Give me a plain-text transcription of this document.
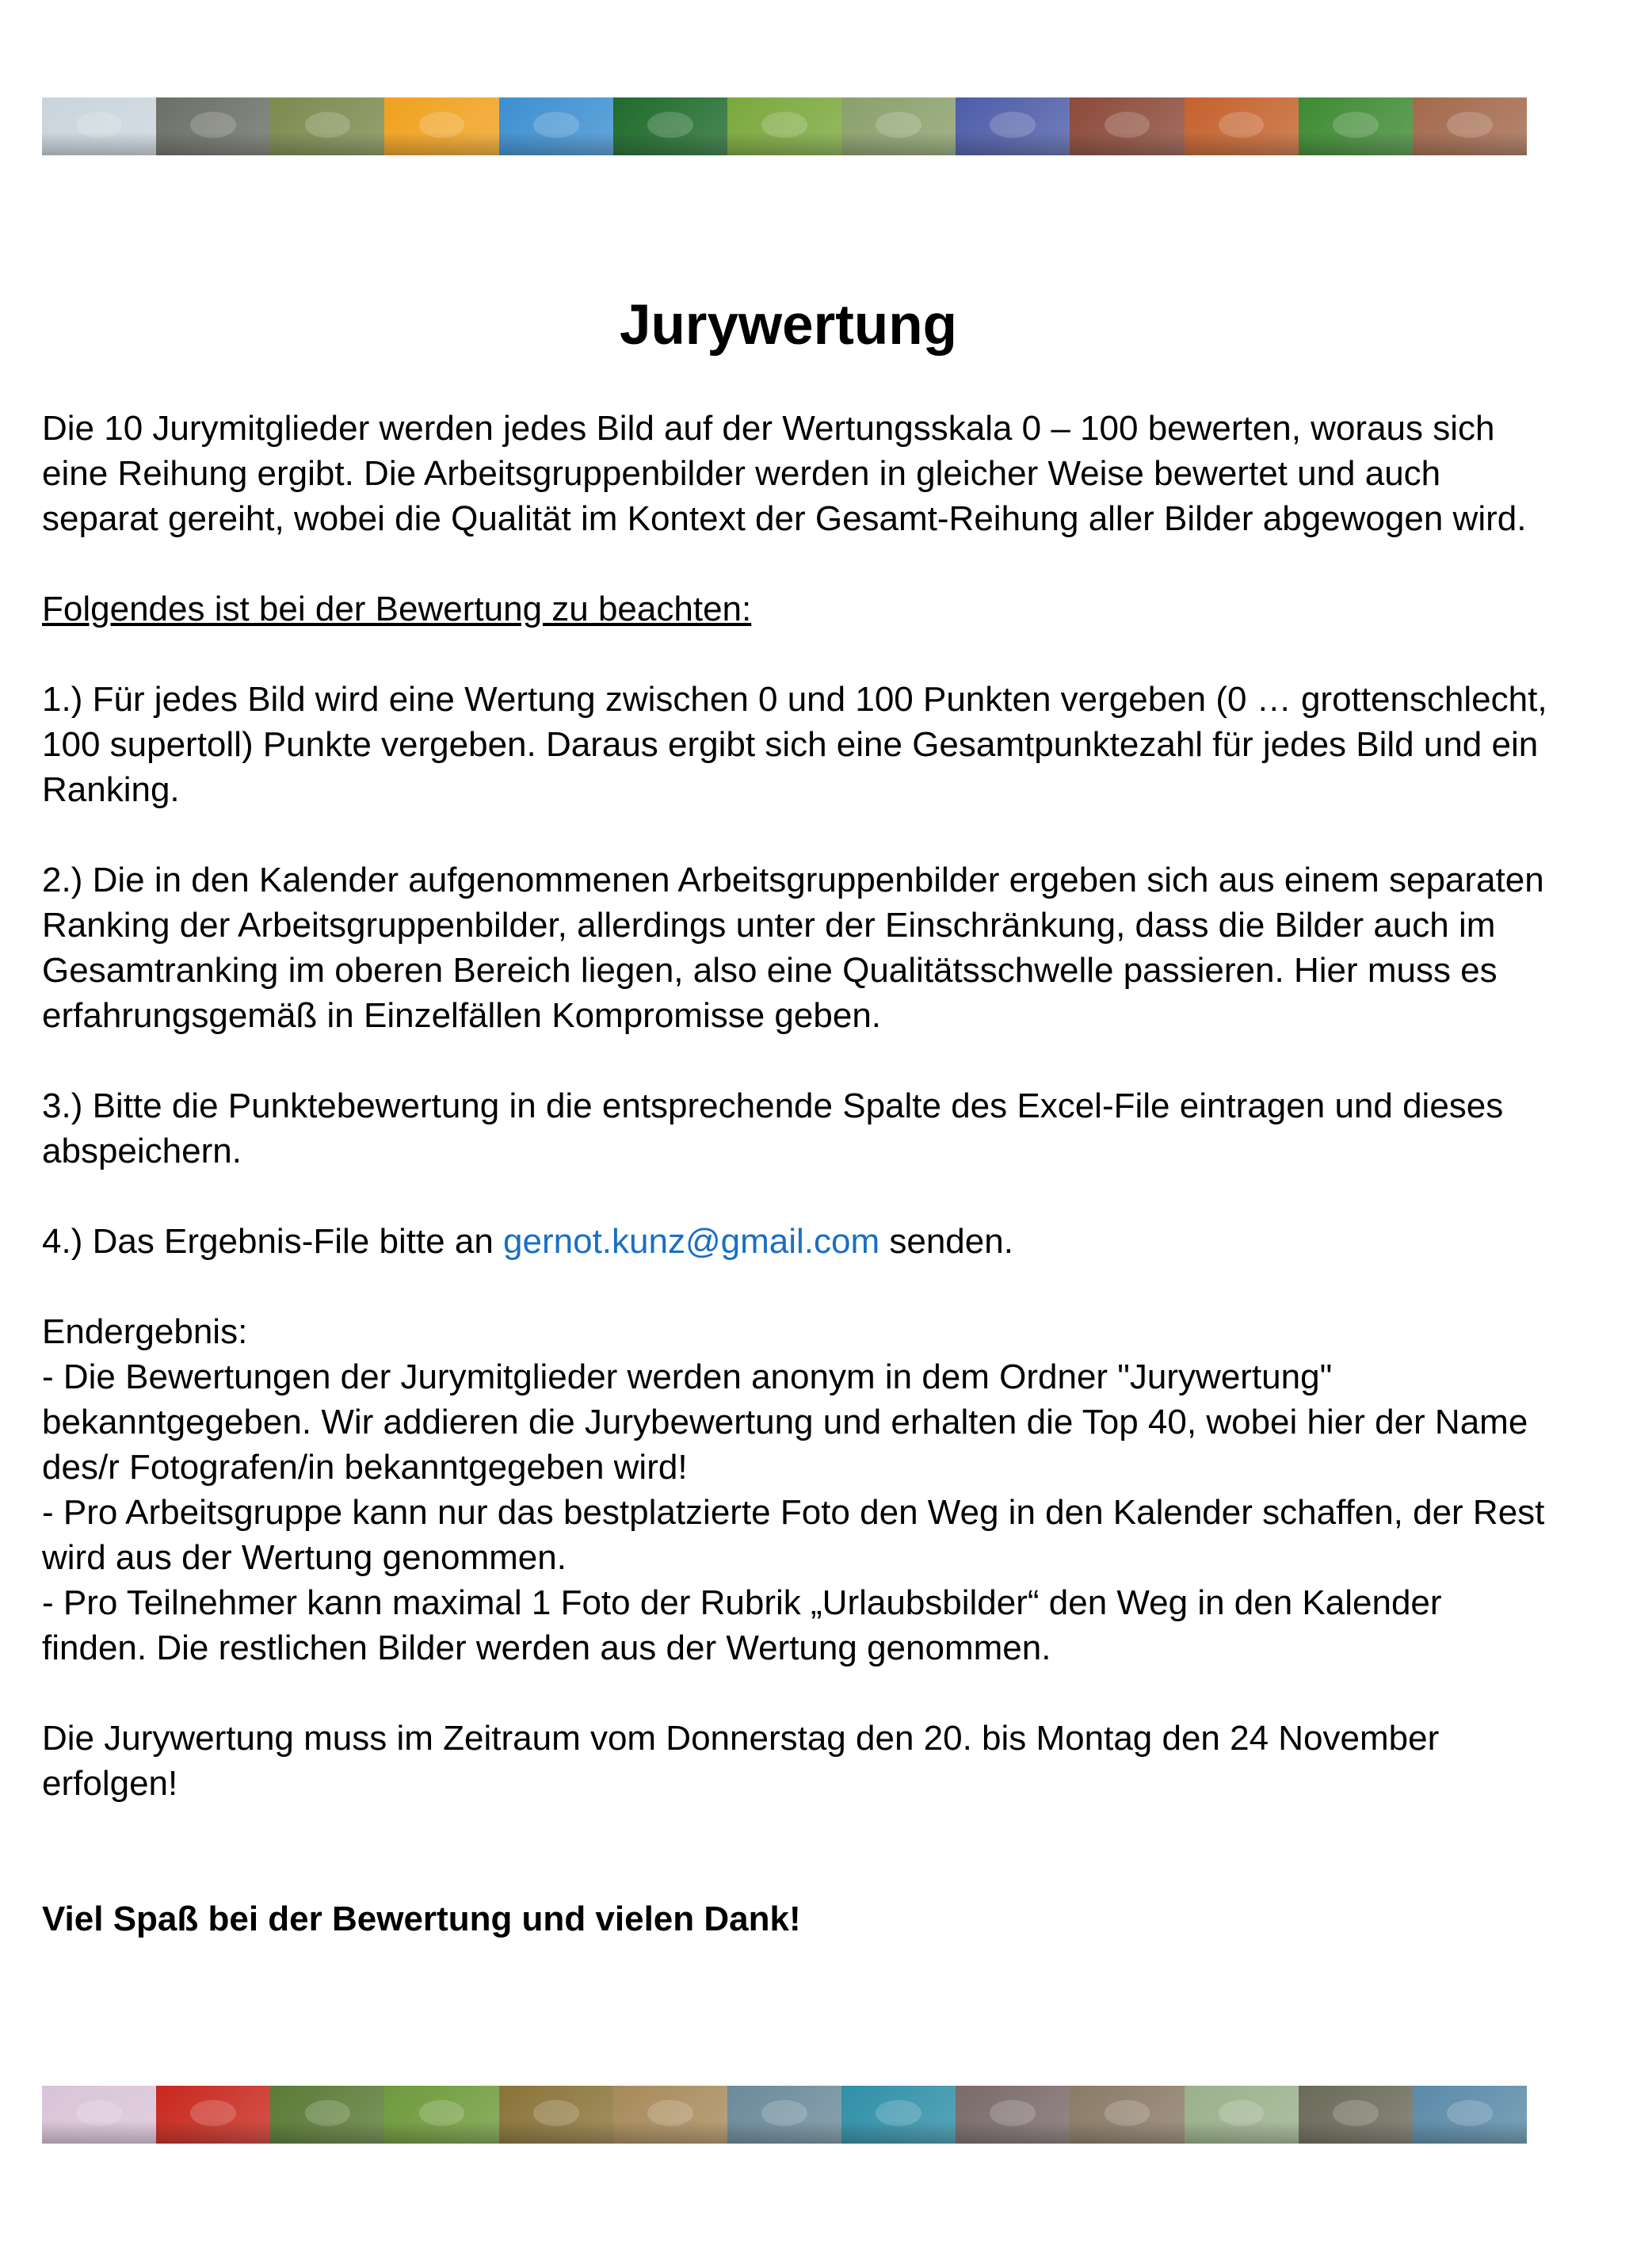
Jurywertung

Die 10 Jurymitglieder werden jedes Bild auf der Wertungsskala 0 – 100 bewerten, woraus sich eine Reihung ergibt. Die Arbeitsgruppenbilder werden in gleicher Weise bewertet und auch separat gereiht, wobei die Qualität im Kontext der Gesamt-Reihung aller Bilder abgewogen wird.

Folgendes ist bei der Bewertung zu beachten:

1.) Für jedes Bild wird eine Wertung zwischen 0 und 100 Punkten vergeben (0 … grottenschlecht, 100 supertoll) Punkte vergeben. Daraus ergibt sich eine Gesamtpunktezahl für jedes Bild und ein Ranking.

2.) Die in den Kalender aufgenommenen Arbeitsgruppenbilder ergeben sich aus einem separaten Ranking der Arbeitsgruppenbilder, allerdings unter der Einschränkung, dass die Bilder auch im Gesamtranking im oberen Bereich liegen, also eine Qualitätsschwelle passieren. Hier muss es erfahrungsgemäß in Einzelfällen Kompromisse geben.

3.) Bitte die Punktebewertung in die entsprechende Spalte des Excel-File eintragen und dieses abspeichern.

4.) Das Ergebnis-File bitte an gernot.kunz@gmail.com senden.

Endergebnis:

- Die Bewertungen der Jurymitglieder werden anonym in dem Ordner "Jurywertung" bekanntgegeben. Wir addieren die Jurybewertung und erhalten die Top 40, wobei hier der Name des/r Fotografen/in bekanntgegeben wird!

- Pro Arbeitsgruppe kann nur das bestplatzierte Foto den Weg in den Kalender schaffen, der Rest wird aus der Wertung genommen.

- Pro Teilnehmer kann maximal 1 Foto der Rubrik „Urlaubsbilder“ den Weg in den Kalender finden. Die restlichen Bilder werden aus der Wertung genommen.

Die Jurywertung muss im Zeitraum vom Donnerstag den 20. bis Montag den 24 November erfolgen!

Viel Spaß bei der Bewertung und vielen Dank!
